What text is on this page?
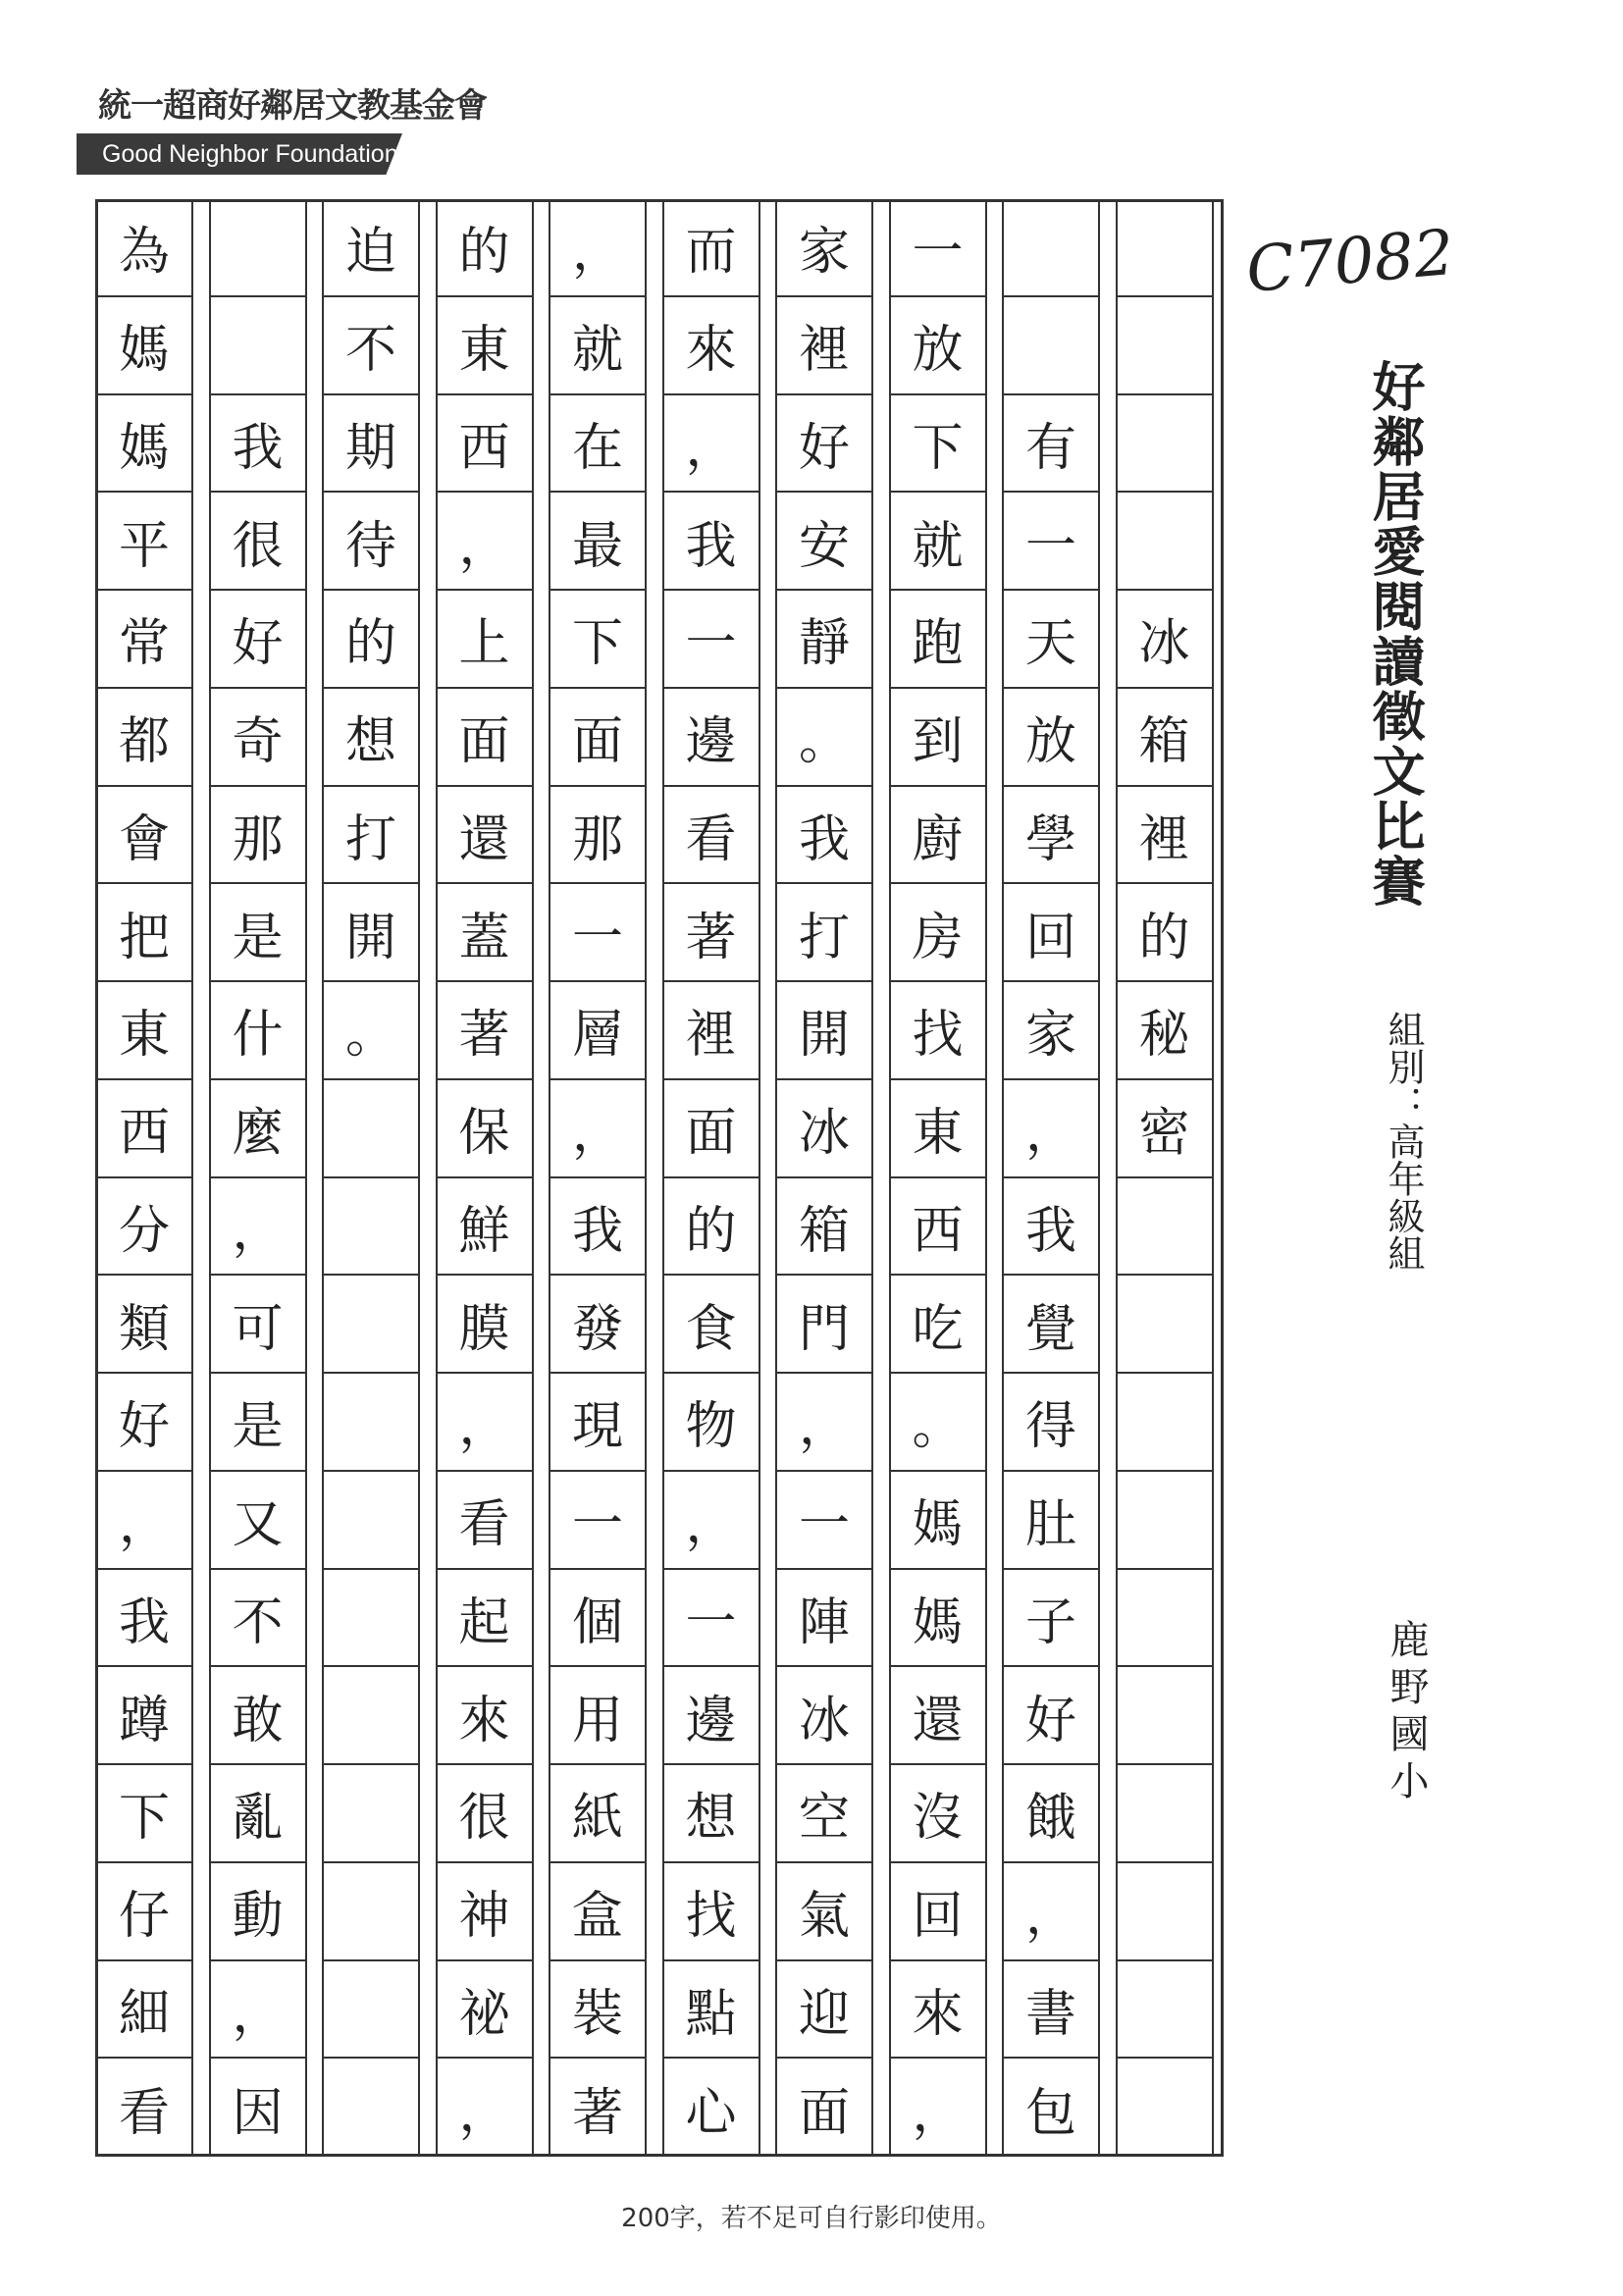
統一超商好鄰居文教基金會
Good Neighbor Foundation
C7082
好鄰居愛閱讀徵文比賽
組別：高年級組
鹿野國小
冰
箱
裡
的
秘
密
有
一
天
放
學
回
家
，
我
覺
得
肚
子
好
餓
，
書
包
一
放
下
就
跑
到
廚
房
找
東
西
吃
。
媽
媽
還
沒
回
來
，
家
裡
好
安
靜
。
我
打
開
冰
箱
門
，
一
陣
冰
空
氣
迎
面
而
來
，
我
一
邊
看
著
裡
面
的
食
物
，
一
邊
想
找
點
心
，
就
在
最
下
面
那
一
層
，
我
發
現
一
個
用
紙
盒
裝
著
的
東
西
，
上
面
還
蓋
著
保
鮮
膜
，
看
起
來
很
神
祕
，
迫
不
期
待
的
想
打
開
。
我
很
好
奇
那
是
什
麼
，
可
是
又
不
敢
亂
動
，
因
為
媽
媽
平
常
都
會
把
東
西
分
類
好
，
我
蹲
下
仔
細
看
200字，若不足可自行影印使用。
